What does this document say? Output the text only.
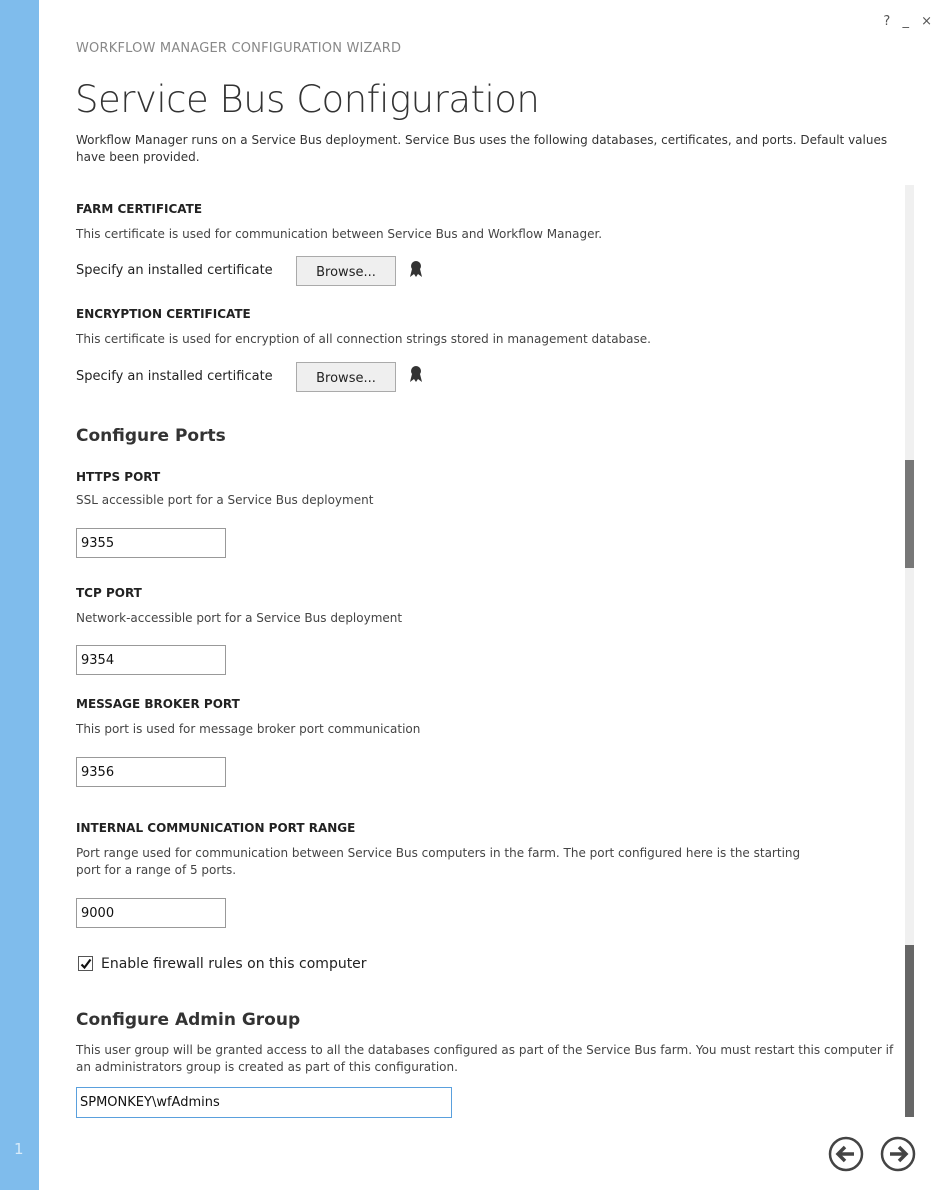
1
? _ ×
WORKFLOW MANAGER CONFIGURATION WIZARD
Service Bus Configuration
Workflow Manager runs on a Service Bus deployment. Service Bus uses the following databases, certificates, and ports. Default values have been provided.
FARM CERTIFICATE
This certificate is used for communication between Service Bus and Workflow Manager.
Specify an installed certificate	Browse...
ENCRYPTION CERTIFICATE
This certificate is used for encryption of all connection strings stored in management database.
Specify an installed certificate	Browse...
Configure Ports
HTTPS PORT
SSL accessible port for a Service Bus deployment
9355
TCP PORT
Network-accessible port for a Service Bus deployment
9354
MESSAGE BROKER PORT
This port is used for message broker port communication
9356
INTERNAL COMMUNICATION PORT RANGE
Port range used for communication between Service Bus computers in the farm. The port configured here is the starting port for a range of 5 ports.
9000
Enable firewall rules on this computer
Configure Admin Group
This user group will be granted access to all the databases configured as part of the Service Bus farm. You must restart this computer if an administrators group is created as part of this configuration.
SPMONKEY\wfAdmins
